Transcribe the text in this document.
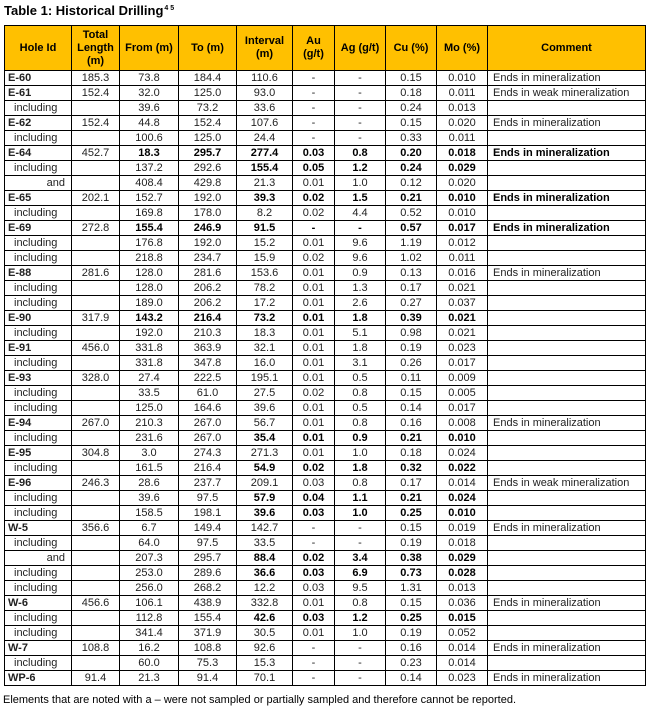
Table 1: Historical Drilling$^{4 5}$
Hole Id	Total Length (m)	From (m)	To (m)	Interval (m)	Au (g/t)	Ag (g/t)	Cu (%)	Mo (%)	Comment
E-60	185.3	73.8	184.4	110.6	-	-	0.15	0.010	Ends in mineralization
E-61	152.4	32.0	125.0	93.0	-	-	0.18	0.011	Ends in weak mineralization
including		39.6	73.2	33.6	-	-	0.24	0.013	
E-62	152.4	44.8	152.4	107.6	-	-	0.15	0.020	Ends in mineralization
including		100.6	125.0	24.4	-	-	0.33	0.011	
E-64	452.7	18.3	295.7	277.4	0.03	0.8	0.20	0.018	Ends in mineralization
including		137.2	292.6	155.4	0.05	1.2	0.24	0.029	
and		408.4	429.8	21.3	0.01	1.0	0.12	0.020	
E-65	202.1	152.7	192.0	39.3	0.02	1.5	0.21	0.010	Ends in mineralization
including		169.8	178.0	8.2	0.02	4.4	0.52	0.010	
E-69	272.8	155.4	246.9	91.5	-	-	0.57	0.017	Ends in mineralization
including		176.8	192.0	15.2	0.01	9.6	1.19	0.012	
including		218.8	234.7	15.9	0.02	9.6	1.02	0.011	
E-88	281.6	128.0	281.6	153.6	0.01	0.9	0.13	0.016	Ends in mineralization
including		128.0	206.2	78.2	0.01	1.3	0.17	0.021	
including		189.0	206.2	17.2	0.01	2.6	0.27	0.037	
E-90	317.9	143.2	216.4	73.2	0.01	1.8	0.39	0.021	
including		192.0	210.3	18.3	0.01	5.1	0.98	0.021	
E-91	456.0	331.8	363.9	32.1	0.01	1.8	0.19	0.023	
including		331.8	347.8	16.0	0.01	3.1	0.26	0.017	
E-93	328.0	27.4	222.5	195.1	0.01	0.5	0.11	0.009	
including		33.5	61.0	27.5	0.02	0.8	0.15	0.005	
including		125.0	164.6	39.6	0.01	0.5	0.14	0.017	
E-94	267.0	210.3	267.0	56.7	0.01	0.8	0.16	0.008	Ends in mineralization
including		231.6	267.0	35.4	0.01	0.9	0.21	0.010	
E-95	304.8	3.0	274.3	271.3	0.01	1.0	0.18	0.024	
including		161.5	216.4	54.9	0.02	1.8	0.32	0.022	
E-96	246.3	28.6	237.7	209.1	0.03	0.8	0.17	0.014	Ends in weak mineralization
including		39.6	97.5	57.9	0.04	1.1	0.21	0.024	
including		158.5	198.1	39.6	0.03	1.0	0.25	0.010	
W-5	356.6	6.7	149.4	142.7	-	-	0.15	0.019	Ends in mineralization
including		64.0	97.5	33.5	-	-	0.19	0.018	
and		207.3	295.7	88.4	0.02	3.4	0.38	0.029	
including		253.0	289.6	36.6	0.03	6.9	0.73	0.028	
including		256.0	268.2	12.2	0.03	9.5	1.31	0.013	
W-6	456.6	106.1	438.9	332.8	0.01	0.8	0.15	0.036	Ends in mineralization
including		112.8	155.4	42.6	0.03	1.2	0.25	0.015	
including		341.4	371.9	30.5	0.01	1.0	0.19	0.052	
W-7	108.8	16.2	108.8	92.6	-	-	0.16	0.014	Ends in mineralization
including		60.0	75.3	15.3	-	-	0.23	0.014	
WP-6	91.4	21.3	91.4	70.1	-	-	0.14	0.023	Ends in mineralization
Elements that are noted with a – were not sampled or partially sampled and therefore cannot be reported.
